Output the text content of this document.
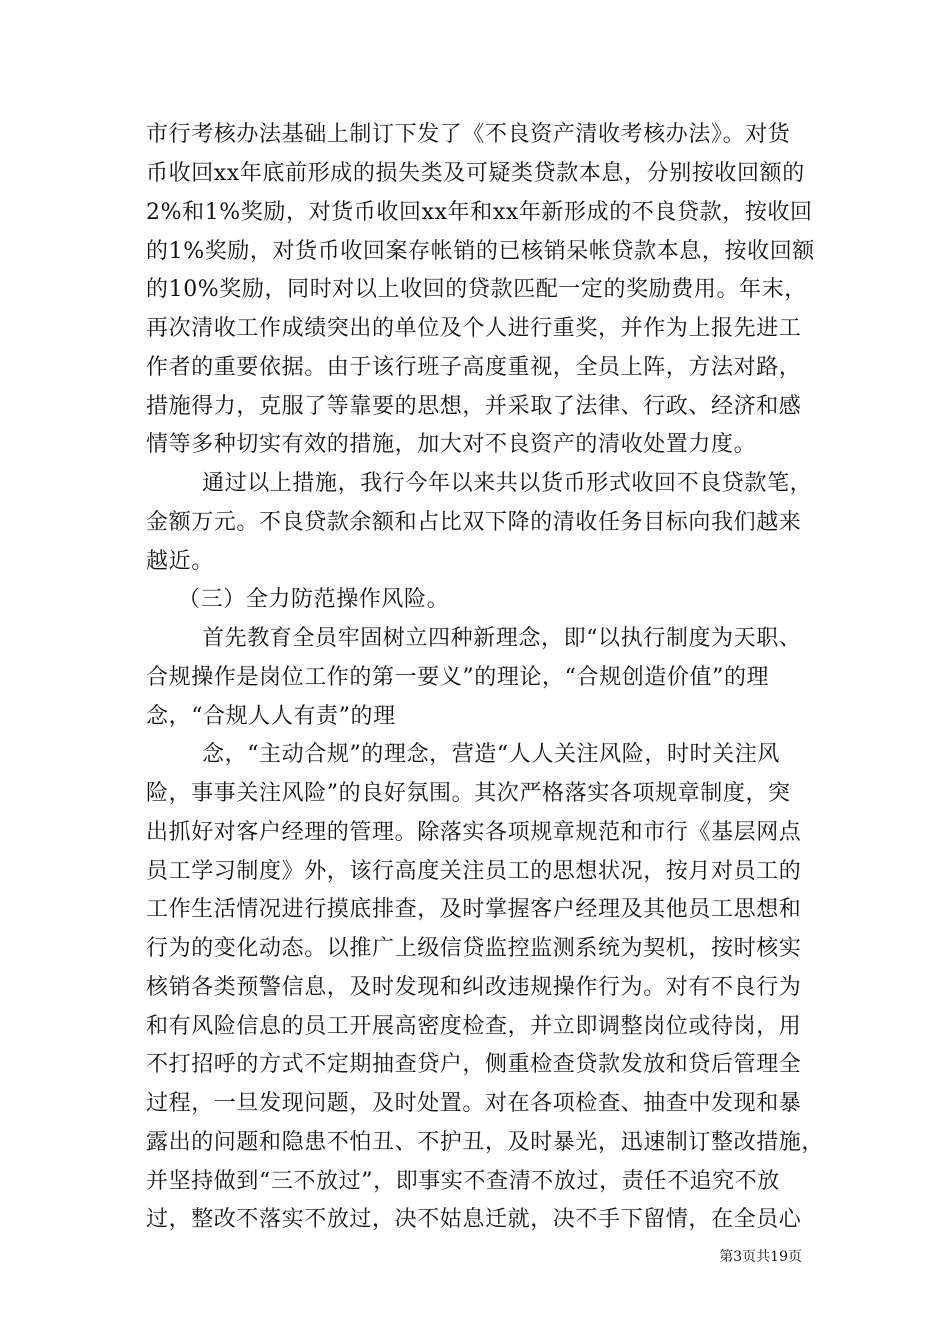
市行考核办法基础上制订下发了《不良资产清收考核办法》。对货
币收回xx年底前形成的损失类及可疑类贷款本息，分别按收回额的
2%和1%奖励，对货币收回xx年和xx年新形成的不良贷款，按收回
的1%奖励，对货币收回案存帐销的已核销呆帐贷款本息，按收回额
的10%奖励，同时对以上收回的贷款匹配一定的奖励费用。年末，
再次清收工作成绩突出的单位及个人进行重奖，并作为上报先进工
作者的重要依据。由于该行班子高度重视，全员上阵，方法对路，
措施得力，克服了等靠要的思想，并采取了法律、行政、经济和感
情等多种切实有效的措施，加大对不良资产的清收处置力度。
通过以上措施，我行今年以来共以货币形式收回不良贷款笔，
金额万元。不良贷款余额和占比双下降的清收任务目标向我们越来
越近。
（三）全力防范操作风险。
首先教育全员牢固树立四种新理念，即“以执行制度为天职、
合规操作是岗位工作的第一要义”的理论，“合规创造价值”的理
念，“合规人人有责”的理
念，“主动合规”的理念，营造“人人关注风险，时时关注风
险，事事关注风险”的良好氛围。其次严格落实各项规章制度，突
出抓好对客户经理的管理。除落实各项规章规范和市行《基层网点
员工学习制度》外，该行高度关注员工的思想状况，按月对员工的
工作生活情况进行摸底排查，及时掌握客户经理及其他员工思想和
行为的变化动态。以推广上级信贷监控监测系统为契机，按时核实
核销各类预警信息，及时发现和纠改违规操作行为。对有不良行为
和有风险信息的员工开展高密度检查，并立即调整岗位或待岗，用
不打招呼的方式不定期抽查贷户，侧重检查贷款发放和贷后管理全
过程，一旦发现问题，及时处置。对在各项检查、抽查中发现和暴
露出的问题和隐患不怕丑、不护丑，及时暴光，迅速制订整改措施，
并坚持做到“三不放过”，即事实不查清不放过，责任不追究不放
过，整改不落实不放过，决不姑息迁就，决不手下留情，在全员心
第3页共19页
